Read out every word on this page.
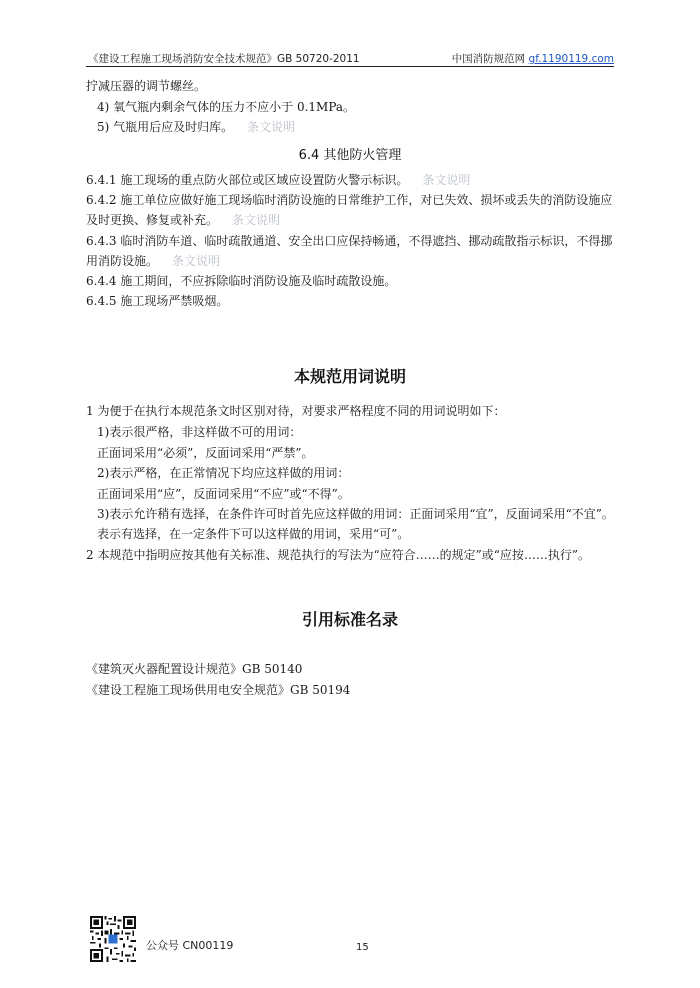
《建设工程施工现场消防安全技术规范》GB 50720-2011	中国消防规范网 gf.1190119.com
拧减压器的调节螺丝。
4) 氧气瓶内剩余气体的压力不应小于 0.1MPa。
5) 气瓶用后应及时归库。 条文说明
6.4 其他防火管理
6.4.1 施工现场的重点防火部位或区域应设置防火警示标识。 条文说明
6.4.2 施工单位应做好施工现场临时消防设施的日常维护工作，对已失效、损坏或丢失的消防设施应
及时更换、修复或补充。 条文说明
6.4.3 临时消防车道、临时疏散通道、安全出口应保持畅通，不得遮挡、挪动疏散指示标识，不得挪
用消防设施。 条文说明
6.4.4 施工期间，不应拆除临时消防设施及临时疏散设施。
6.4.5 施工现场严禁吸烟。
本规范用词说明
1 为便于在执行本规范条文时区别对待，对要求严格程度不同的用词说明如下：
1)表示很严格，非这样做不可的用词：
正面词采用“必须”，反面词采用“严禁”。
2)表示严格，在正常情况下均应这样做的用词：
正面词采用“应”，反面词采用“不应”或“不得”。
3)表示允许稍有选择，在条件许可时首先应这样做的用词：正面词采用“宜”，反面词采用“不宜”。
表示有选择，在一定条件下可以这样做的用词，采用“可”。
2 本规范中指明应按其他有关标准、规范执行的写法为“应符合……的规定”或“应按……执行”。
引用标准名录
《建筑灭火器配置设计规范》GB 50140
《建设工程施工现场供用电安全规范》GB 50194
公众号 CN00119	15
